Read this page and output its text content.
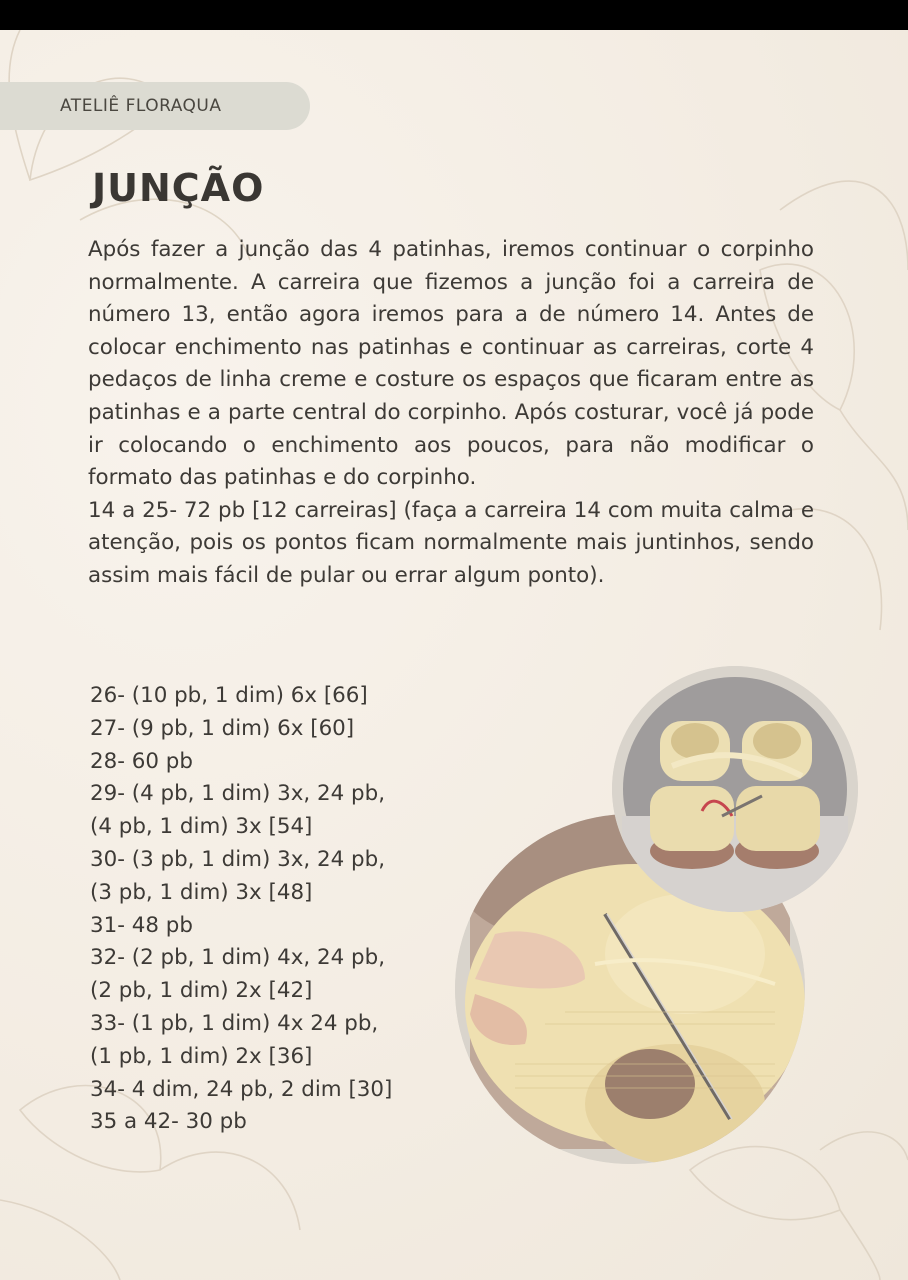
ATELIÊ FLORAQUA
JUNÇÃO

Após fazer a junção das 4 patinhas, iremos continuar o corpinho normalmente. A carreira que fizemos a junção foi a carreira de número 13, então agora iremos para a de número 14. Antes de colocar enchimento nas patinhas e continuar as carreiras, corte 4 pedaços de linha creme e costure os espaços que ficaram entre as patinhas e a parte central do corpinho. Após costurar, você já pode ir colocando o enchimento aos poucos, para não modificar o formato das patinhas e do corpinho.

14 a 25- 72 pb [12 carreiras] (faça a carreira 14 com muita calma e atenção, pois os pontos ficam normalmente mais juntinhos, sendo assim mais fácil de pular ou errar algum ponto).

26- (10 pb, 1 dim) 6x [66]
27- (9 pb, 1 dim) 6x [60]
28- 60 pb
29- (4 pb, 1 dim) 3x, 24 pb,
(4 pb, 1 dim) 3x [54]
30- (3 pb, 1 dim) 3x, 24 pb,
(3 pb, 1 dim) 3x [48]
31- 48 pb
32- (2 pb, 1 dim) 4x, 24 pb,
(2 pb, 1 dim) 2x [42]
33- (1 pb, 1 dim) 4x 24 pb,
(1 pb, 1 dim) 2x [36]
34- 4 dim, 24 pb, 2 dim [30]
35 a 42- 30 pb
